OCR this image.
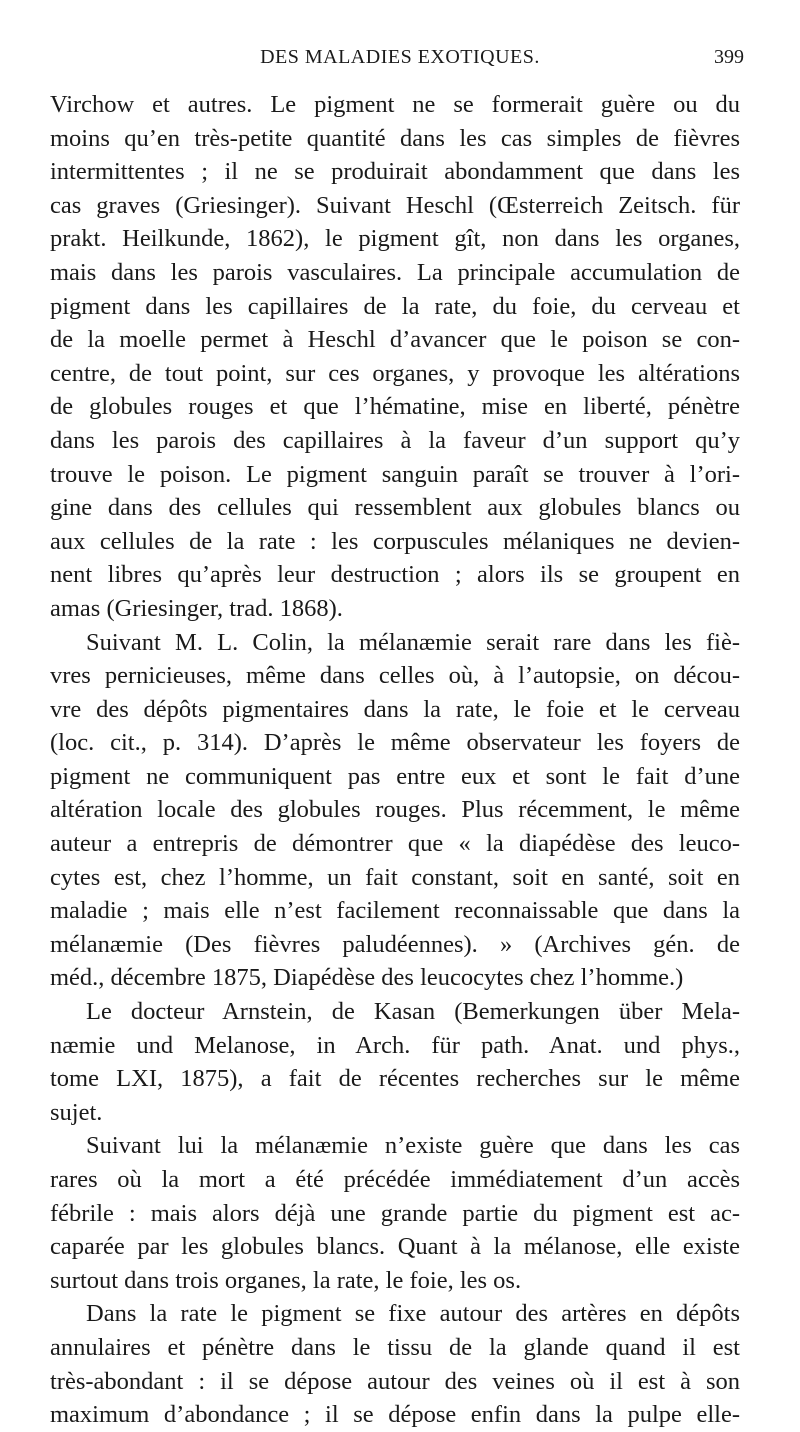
DES MALADIES EXOTIQUES.	399
Virchow et autres. Le pigment ne se formerait guère ou du
moins qu’en très-petite quantité dans les cas simples de fièvres
intermittentes ; il ne se produirait abondamment que dans les
cas graves (Griesinger). Suivant Heschl (Œsterreich Zeitsch. für
prakt. Heilkunde, 1862), le pigment gît, non dans les organes,
mais dans les parois vasculaires. La principale accumulation de
pigment dans les capillaires de la rate, du foie, du cerveau et
de la moelle permet à Heschl d’avancer que le poison se con-
centre, de tout point, sur ces organes, y provoque les altérations
de globules rouges et que l’hématine, mise en liberté, pénètre
dans les parois des capillaires à la faveur d’un support qu’y
trouve le poison. Le pigment sanguin paraît se trouver à l’ori-
gine dans des cellules qui ressemblent aux globules blancs ou
aux cellules de la rate : les corpuscules mélaniques ne devien-
nent libres qu’après leur destruction ; alors ils se groupent en
amas (Griesinger, trad. 1868).
Suivant M. L. Colin, la mélanæmie serait rare dans les fiè-
vres pernicieuses, même dans celles où, à l’autopsie, on décou-
vre des dépôts pigmentaires dans la rate, le foie et le cerveau
(loc. cit., p. 314). D’après le même observateur les foyers de
pigment ne communiquent pas entre eux et sont le fait d’une
altération locale des globules rouges. Plus récemment, le même
auteur a entrepris de démontrer que « la diapédèse des leuco-
cytes est, chez l’homme, un fait constant, soit en santé, soit en
maladie ; mais elle n’est facilement reconnaissable que dans la
mélanæmie (Des fièvres paludéennes). » (Archives gén. de
méd., décembre 1875, Diapédèse des leucocytes chez l’homme.)
Le docteur Arnstein, de Kasan (Bemerkungen über Mela-
næmie und Melanose, in Arch. für path. Anat. und phys.,
tome LXI, 1875), a fait de récentes recherches sur le même
sujet.
Suivant lui la mélanæmie n’existe guère que dans les cas
rares où la mort a été précédée immédiatement d’un accès
fébrile : mais alors déjà une grande partie du pigment est ac-
caparée par les globules blancs. Quant à la mélanose, elle existe
surtout dans trois organes, la rate, le foie, les os.
Dans la rate le pigment se fixe autour des artères en dépôts
annulaires et pénètre dans le tissu de la glande quand il est
très-abondant : il se dépose autour des veines où il est à son
maximum d’abondance ; il se dépose enfin dans la pulpe elle-
